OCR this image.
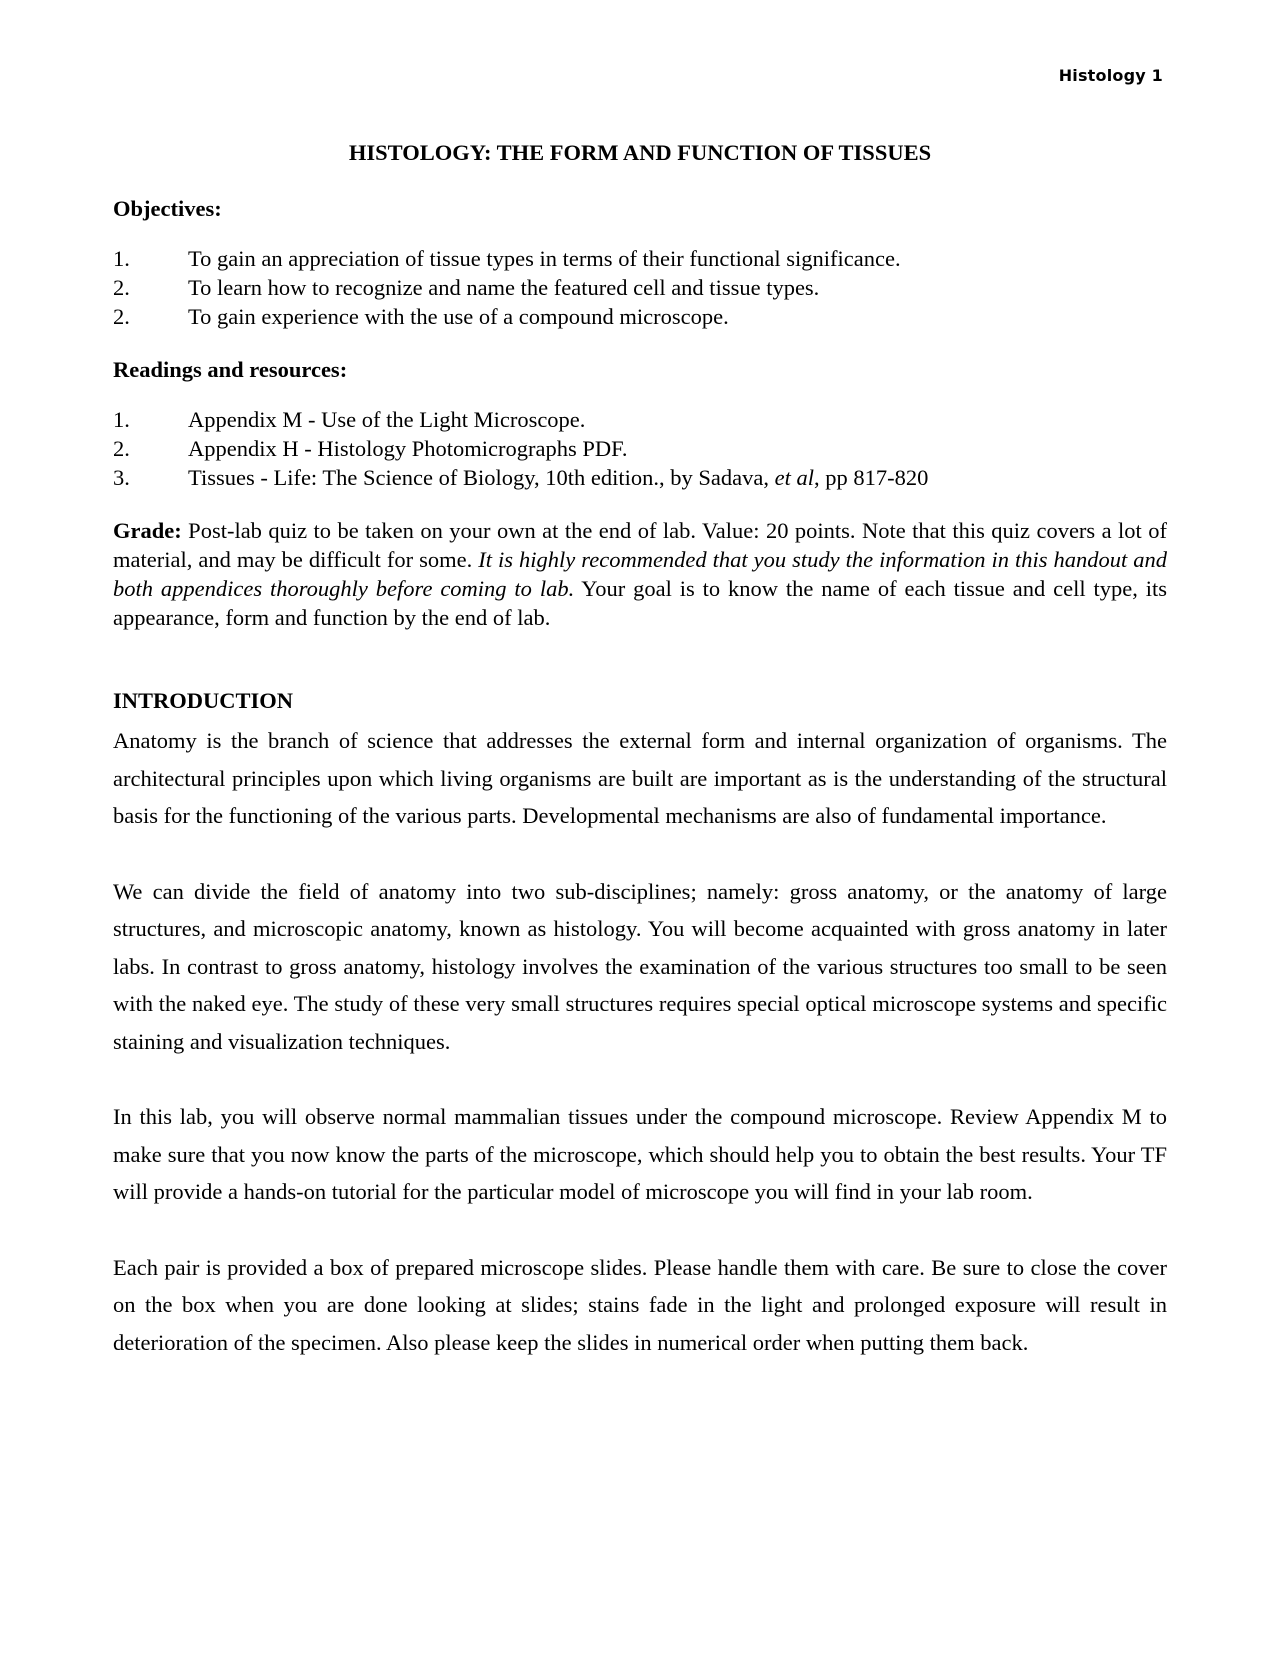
Histology 1
HISTOLOGY: THE FORM AND FUNCTION OF TISSUES
Objectives:
1.	To gain an appreciation of tissue types in terms of their functional significance.
2.	To learn how to recognize and name the featured cell and tissue types.
2.	To gain experience with the use of a compound microscope.
Readings and resources:
1.	Appendix M - Use of the Light Microscope.
2.	Appendix H - Histology Photomicrographs PDF.
3.	Tissues - Life: The Science of Biology, 10th edition., by Sadava, et al, pp 817-820

Grade: Post-lab quiz to be taken on your own at the end of lab. Value: 20 points. Note that this quiz covers a lot of material, and may be difficult for some. It is highly recommended that you study the information in this handout and both appendices thoroughly before coming to lab. Your goal is to know the name of each tissue and cell type, its appearance, form and function by the end of lab.

INTRODUCTION

Anatomy is the branch of science that addresses the external form and internal organization of organisms. The architectural principles upon which living organisms are built are important as is the understanding of the structural basis for the functioning of the various parts. Developmental mechanisms are also of fundamental importance.

We can divide the field of anatomy into two sub-disciplines; namely: gross anatomy, or the anatomy of large structures, and microscopic anatomy, known as histology. You will become acquainted with gross anatomy in later labs. In contrast to gross anatomy, histology involves the examination of the various structures too small to be seen with the naked eye. The study of these very small structures requires special optical microscope systems and specific staining and visualization techniques.

In this lab, you will observe normal mammalian tissues under the compound microscope. Review Appendix M to make sure that you now know the parts of the microscope, which should help you to obtain the best results. Your TF will provide a hands-on tutorial for the particular model of microscope you will find in your lab room.

Each pair is provided a box of prepared microscope slides. Please handle them with care. Be sure to close the cover on the box when you are done looking at slides; stains fade in the light and prolonged exposure will result in deterioration of the specimen. Also please keep the slides in numerical order when putting them back.
